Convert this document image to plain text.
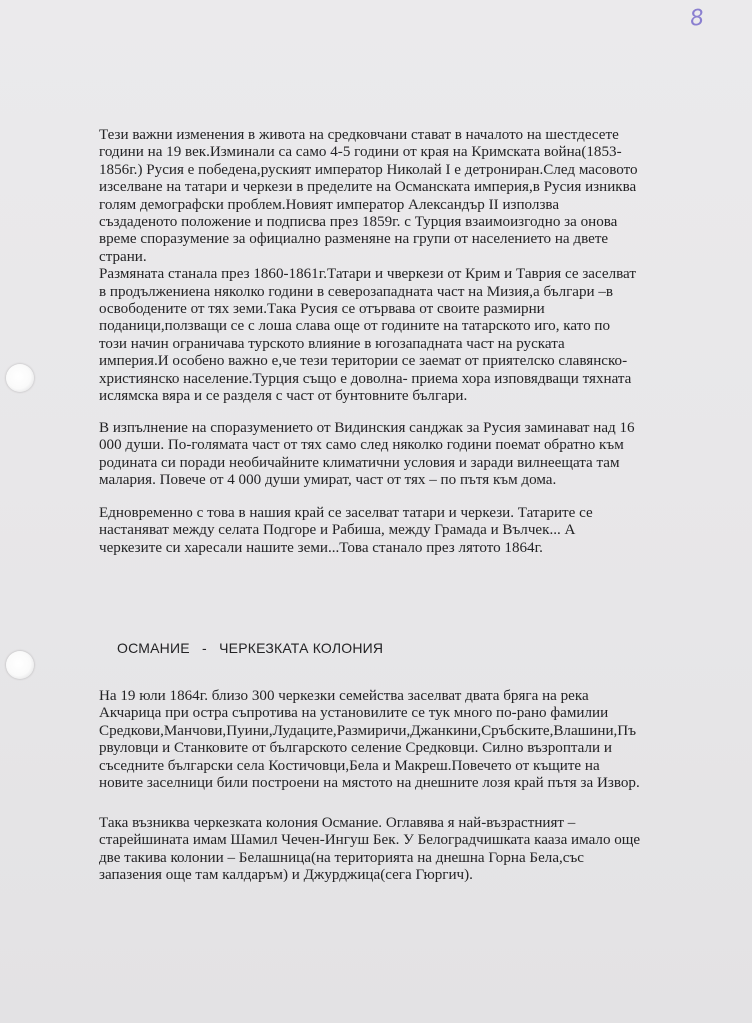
8

Тези важни изменения в живота на средковчани стават в началото на шестдесете
години на 19 век.Изминали са само 4-5 години от края на Кримската война(1853-
1856г.) Русия е победена,руският император Николай I е детрониран.След масовото
изселване на татари и черкези в пределите на Османската империя,в Русия изниква
голям демографски проблем.Новият император Александър II използва
създаденото положение и подписва през 1859г. с Турция взаимоизгодно за онова
време споразумение за официално разменяне на групи от населението на двете
страни.
Размяната станала през 1860-1861г.Татари и чверкези от Крим и Таврия се заселват
в продължениена няколко години в северозападната част на Мизия,а българи –в
освободените от тях земи.Така Русия се отървава от своите размирни
поданици,ползващи се с лоша слава още от годините на татарското иго, като по
този начин ограничава турското влияние в югозападната част на руската
империя.И особено важно е,че тези територии се заемат от приятелско славянско-
християнско население.Турция също е доволна- приема хора изповядващи тяхната
ислямска вяра и се разделя с част от бунтовните българи.

В изпълнение на споразумението от Видинския санджак за Русия заминават над 16
000 души. По-голямата част от тях само след няколко години поемат обратно към
родината си поради необичайните климатични условия и заради вилнеещата там
малария. Повече от 4 000 души умират, част от тях – по пътя към дома.

Едновременно с това в нашия край се заселват татари и черкези. Татарите се
настаняват между селата Подгоре и Рабиша, между Грамада и Вълчек... А
черкезите си харесали нашите земи...Това станало през лятото 1864г.

ОСМАНИЕ   -   ЧЕРКЕЗКАТА КОЛОНИЯ

На 19 юли 1864г. близо 300 черкезки семейства заселват двата бряга на река
Акчарица при остра съпротива на установилите се тук много по-рано фамилии
Средкови,Манчови,Пуини,Лудаците,Размиричи,Джанкини,Сръбските,Влашини,Пъ
рвуловци и Станковите от българското селение Средковци. Силно възроптали и
съседните български села Костичовци,Бела и Макреш.Повечето от къщите на
новите заселници били построени на мястото на днешните лозя край пътя за Извор.

Така възниква черкезката колония Османие. Оглавява я най-възрастният –
старейшината имам Шамил Чечен-Ингуш Бек. У Белоградчишката кааза имало още
две такива колонии – Белашница(на територията на днешна Горна Бела,със
запазения още там калдаръм) и Джурджица(сега Гюргич).
